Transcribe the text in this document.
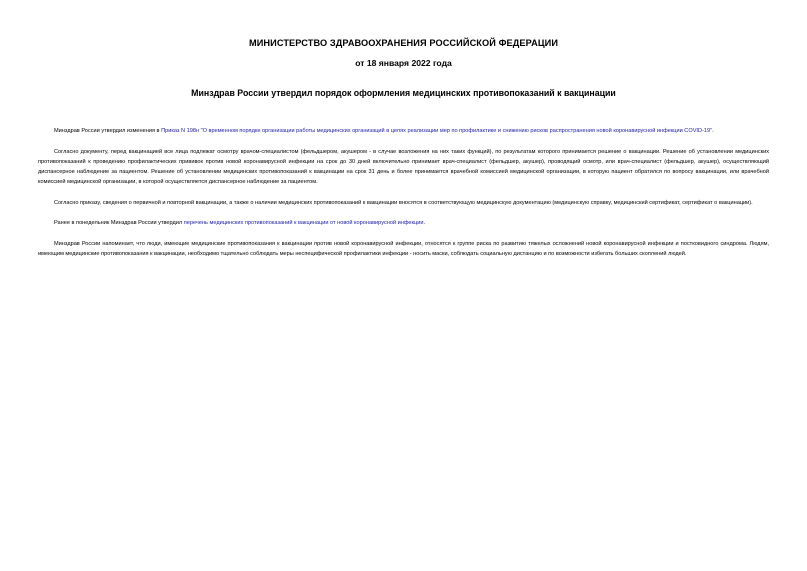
МИНИСТЕРСТВО ЗДРАВООХРАНЕНИЯ РОССИЙСКОЙ ФЕДЕРАЦИИ
от 18 января 2022 года
Минздрав России утвердил порядок оформления медицинских противопоказаний к вакцинации

Минздрав России утвердил изменения в Приказ N 198н "О временном порядке организации работы медицинских организаций в целях реализации мер по профилактике и снижению рисков распространения новой коронавирусной инфекции COVID-19".

Согласно документу, перед вакцинацией все лица подлежат осмотру врачом-специалистом (фельдшером, акушером - в случае возложения на них таких функций), по результатам которого принимается решение о вакцинации. Решение об установлении медицинских противопоказаний к проведению профилактических прививок против новой коронавирусной инфекции на срок до 30 дней включительно принимает врач-специалист (фельдшер, акушер), проводящий осмотр, или врач-специалист (фельдшер, акушер), осуществляющий диспансерное наблюдение за пациентом. Решение об установлении медицинских противопоказаний к вакцинации на срок 31 день и более принимается врачебной комиссией медицинской организации, в которую пациент обратился по вопросу вакцинации, или врачебной комиссией медицинской организации, в которой осуществляется диспансерное наблюдение за пациентом.

Согласно приказу, сведения о первичной и повторной вакцинации, а также о наличии медицинских противопоказаний к вакцинации вносятся в соответствующую медицинскую документацию (медицинскую справку, медицинский сертификат, сертификат о вакцинации).

Ранее в понедельник Минздрав России утвердил перечень медицинских противопоказаний к вакцинации от новой коронавирусной инфекции.

Минздрав России напоминает, что люди, имеющие медицинские противопоказания к вакцинации против новой коронавирусной инфекции, относятся к группе риска по развитию тяжелых осложнений новой коронавирусной инфекции и постковидного синдрома. Людям, имеющим медицинские противопоказания к вакцинации, необходимо тщательно соблюдать меры неспецифической профилактики инфекции - носить маски, соблюдать социальную дистанцию и по возможности избегать больших скоплений людей.
